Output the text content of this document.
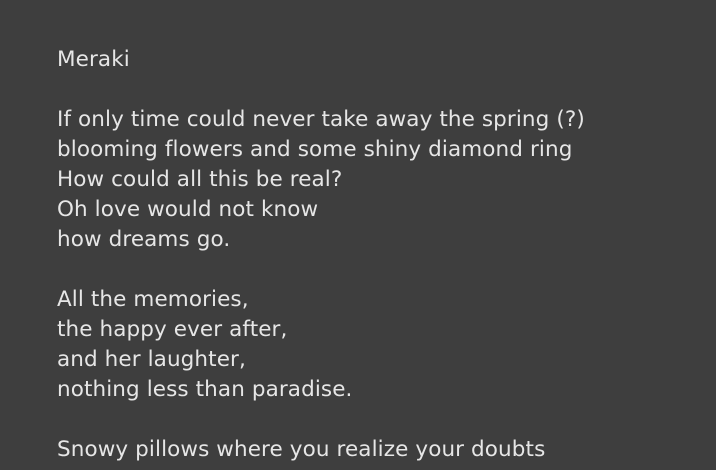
Meraki
If only time could never take away the spring (?)
blooming flowers and some shiny diamond ring
How could all this be real?
Oh love would not know
how dreams go.
All the memories,
the happy ever after,
and her laughter,
nothing less than paradise.
Snowy pillows where you realize your doubts
